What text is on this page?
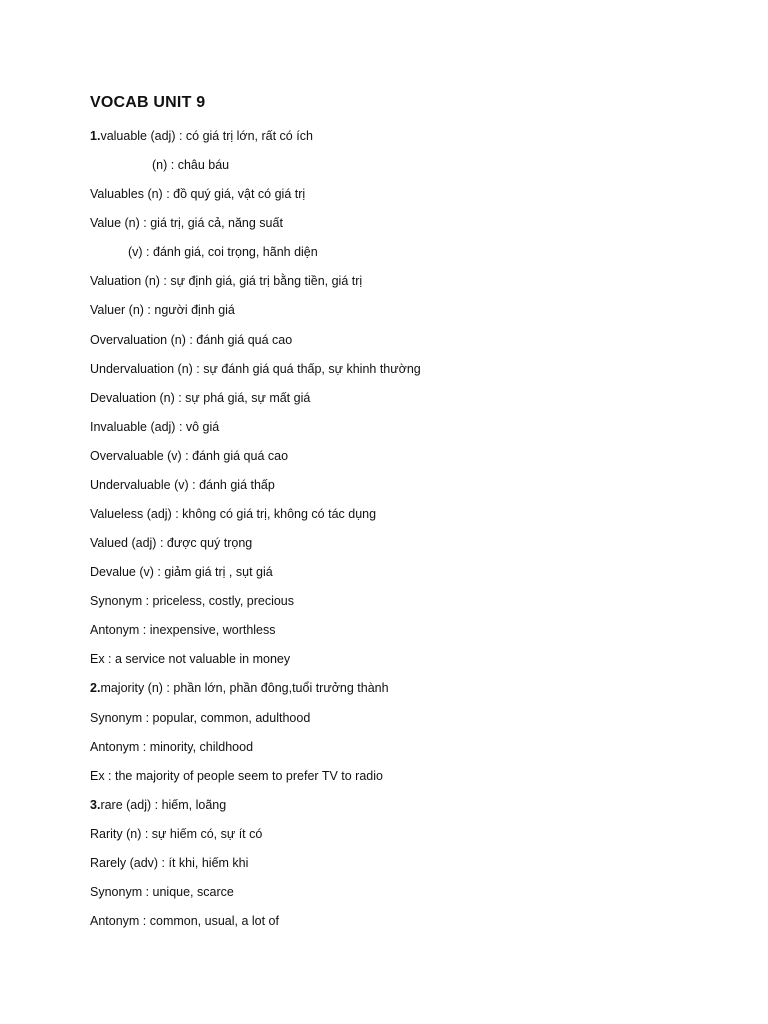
VOCAB UNIT 9
1.valuable (adj) : có giá trị lớn, rất có ích
(n) : châu báu
Valuables (n) : đồ quý giá, vật có giá trị
Value (n) : giá trị, giá cả, năng suất
(v) : đánh giá, coi trọng, hãnh diện
Valuation (n) : sự định giá, giá trị bằng tiền, giá trị
Valuer (n) : người định giá
Overvaluation (n) : đánh giá quá cao
Undervaluation (n) : sự đánh giá quá thấp, sự khinh thường
Devaluation (n) : sự phá giá, sự mất giá
Invaluable (adj) : vô giá
Overvaluable (v) : đánh giá quá cao
Undervaluable (v) : đánh giá thấp
Valueless (adj) : không có giá trị, không có tác dụng
Valued (adj) : được quý trọng
Devalue (v) : giảm giá trị , sụt giá
Synonym : priceless, costly, precious
Antonym : inexpensive, worthless
Ex : a service not valuable in money
2.majority (n) : phần lớn, phần đông,tuổi trưởng thành
Synonym : popular, common, adulthood
Antonym : minority, childhood
Ex : the majority of people seem to prefer TV to radio
3.rare (adj) : hiếm, loãng
Rarity (n) : sự hiếm có, sự ít có
Rarely (adv) : ít khi, hiếm khi
Synonym : unique, scarce
Antonym : common, usual, a lot of
